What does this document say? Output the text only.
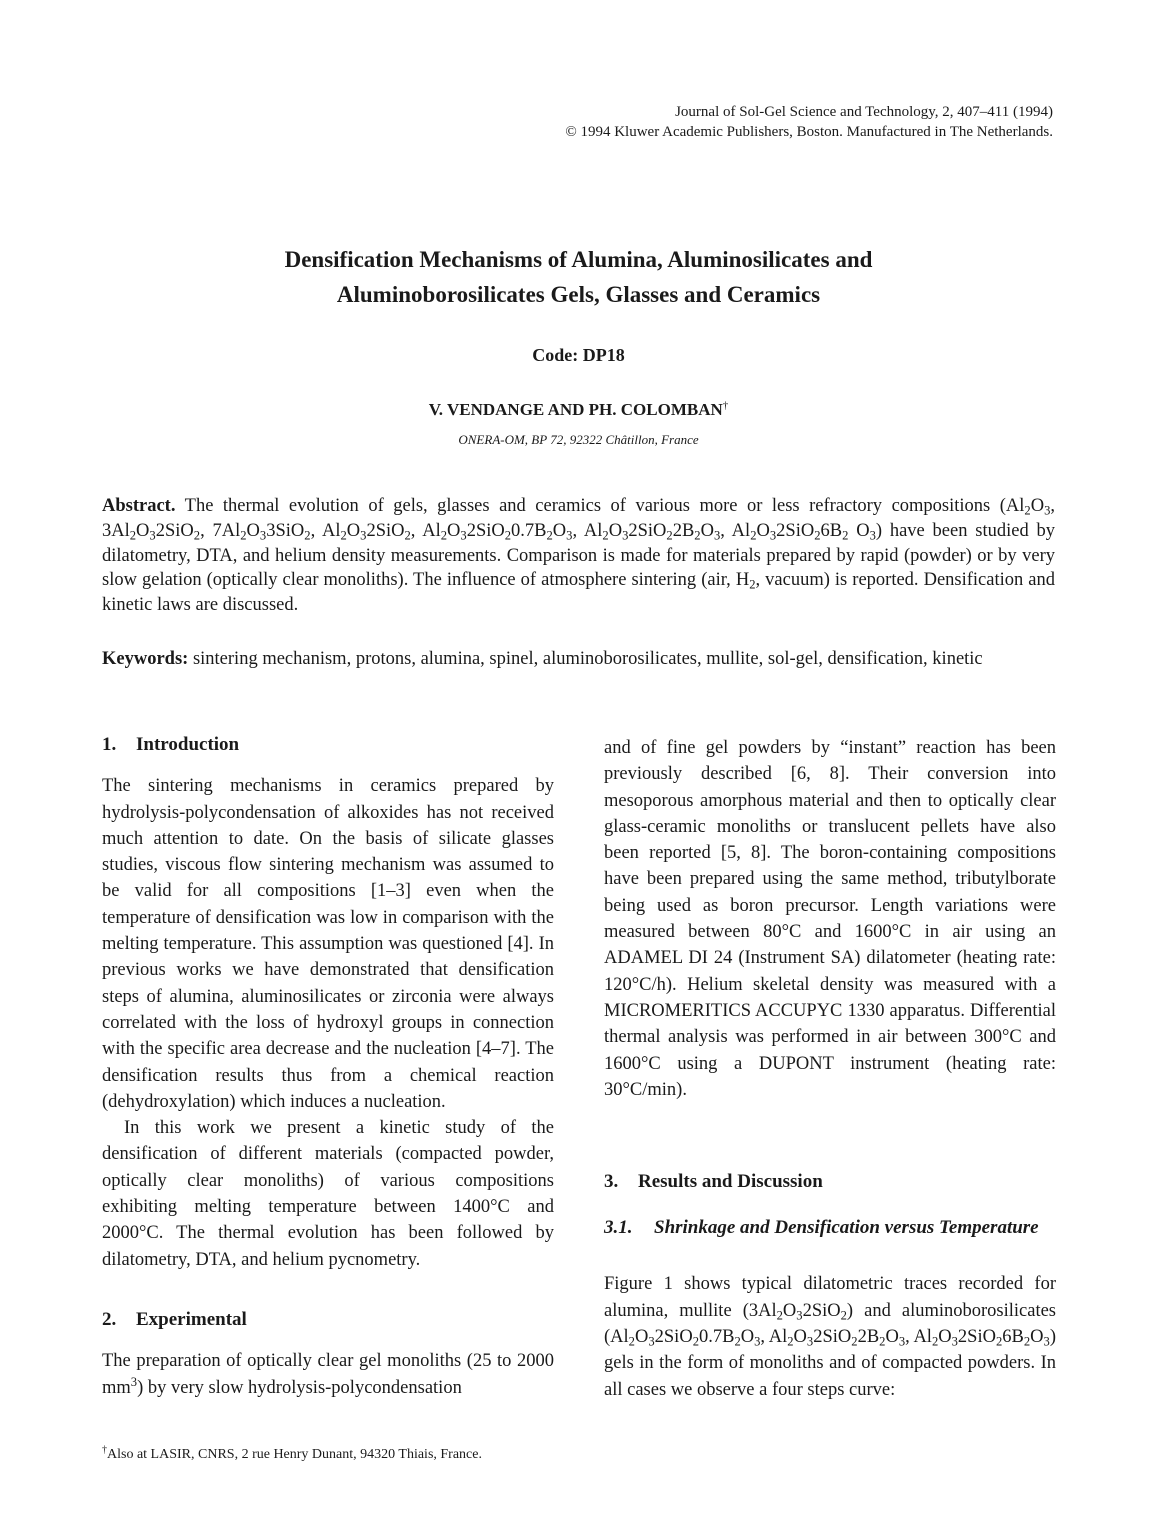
Journal of Sol-Gel Science and Technology, 2, 407–411 (1994)
© 1994 Kluwer Academic Publishers, Boston. Manufactured in The Netherlands.
Densification Mechanisms of Alumina, Aluminosilicates and
Aluminoborosilicates Gels, Glasses and Ceramics
Code: DP18
V. VENDANGE AND PH. COLOMBAN†
ONERA-OM, BP 72, 92322 Châtillon, France
Abstract. The thermal evolution of gels, glasses and ceramics of various more or less refractory compositions ($Al_2O_3$, $3Al_2O_32SiO_2$, $7Al_2O_33SiO_2$, $Al_2O_32SiO_2$, $Al_2O_32SiO_20.7B_2O_3$, $Al_2O_32SiO_22B_2O_3$, $Al_2O_32SiO_26B_2$ $O_3$) have been studied by dilatometry, DTA, and helium density measurements. Comparison is made for materials prepared by rapid (powder) or by very slow gelation (optically clear monoliths). The influence of atmosphere sintering (air, $H_2$, vacuum) is reported. Densification and kinetic laws are discussed.
Keywords: sintering mechanism, protons, alumina, spinel, aluminoborosilicates, mullite, sol-gel, densification, kinetic
1. Introduction

The sintering mechanisms in ceramics prepared by hydrolysis-polycondensation of alkoxides has not received much attention to date. On the basis of silicate glasses studies, viscous flow sintering mechanism was assumed to be valid for all compositions [1–3] even when the temperature of densification was low in comparison with the melting temperature. This assumption was questioned [4]. In previous works we have demonstrated that densification steps of alumina, aluminosilicates or zirconia were always correlated with the loss of hydroxyl groups in connection with the specific area decrease and the nucleation [4–7]. The densification results thus from a chemical reaction (dehydroxylation) which induces a nucleation.

In this work we present a kinetic study of the densification of different materials (compacted powder, optically clear monoliths) of various compositions exhibiting melting temperature between 1400°C and 2000°C. The thermal evolution has been followed by dilatometry, DTA, and helium pycnometry.

2. Experimental

The preparation of optically clear gel monoliths (25 to 2000 $mm^3$) by very slow hydrolysis-polycondensation

and of fine gel powders by “instant” reaction has been previously described [6, 8]. Their conversion into mesoporous amorphous material and then to optically clear glass-ceramic monoliths or translucent pellets have also been reported [5, 8]. The boron-containing compositions have been prepared using the same method, tributylborate being used as boron precursor. Length variations were measured between 80°C and 1600°C in air using an ADAMEL DI 24 (Instrument SA) dilatometer (heating rate: 120°C/h). Helium skeletal density was measured with a MICROMERITICS ACCUPYC 1330 apparatus. Differential thermal analysis was performed in air between 300°C and 1600°C using a DUPONT instrument (heating rate: 30°C/min).

3. Results and Discussion
3.1.	Shrinkage and Densification versus Temperature

Figure 1 shows typical dilatometric traces recorded for alumina, mullite $(3Al_2O_32SiO_2)$ and aluminoborosilicates ($Al_2O_32SiO_20.7B_2O_3$, $Al_2O_32SiO_22B_2O_3$, $Al_2O_32SiO_26B_2O_3$) gels in the form of monoliths and of compacted powders. In all cases we observe a four steps curve:

†Also at LASIR, CNRS, 2 rue Henry Dunant, 94320 Thiais, France.
